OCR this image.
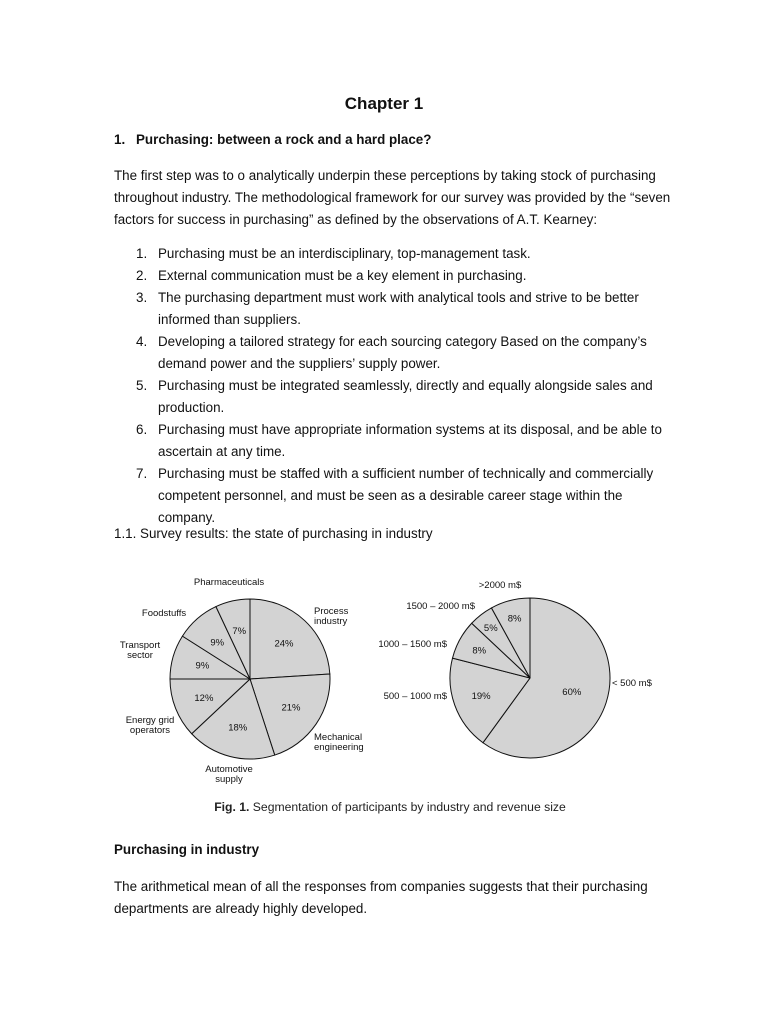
Chapter 1
1. Purchasing: between a rock and a hard place?
The first step was to o analytically underpin these perceptions by taking stock of purchasing throughout industry. The methodological framework for our survey was provided by the “seven factors for success in purchasing” as defined by the observations of A.T. Kearney:
1. Purchasing must be an interdisciplinary, top-management task.
2. External communication must be a key element in purchasing.
3. The purchasing department must work with analytical tools and strive to be better informed than suppliers.
4. Developing a tailored strategy for each sourcing category Based on the company’s demand power and the suppliers’ supply power.
5. Purchasing must be integrated seamlessly, directly and equally alongside sales and production.
6. Purchasing must have appropriate information systems at its disposal, and be able to ascertain at any time.
7. Purchasing must be staffed with a sufficient number of technically and commercially competent personnel, and must be seen as a desirable career stage within the company.
1.1. Survey results: the state of purchasing in industry
24%
21%
18%
12%
9%
9%
7%
Process industry
Mechanical engineering
Automotive supply
Energy grid operators
Transport sector
Foodstuffs
Pharmaceuticals
60%
19%
8%
5%
8%
< 500 m$
500 – 1000 m$
1000 – 1500 m$
1500 – 2000 m$
>2000 m$
Fig. 1. Segmentation of participants by industry and revenue size
Purchasing in industry
The arithmetical mean of all the responses from companies suggests that their purchasing departments are already highly developed.
